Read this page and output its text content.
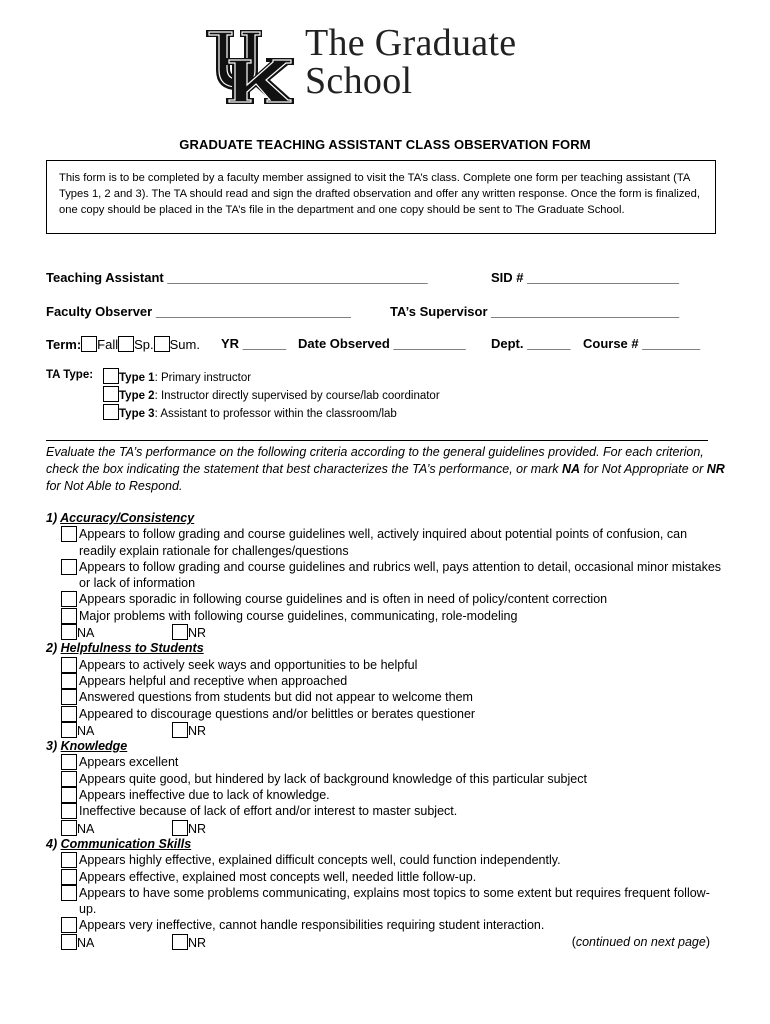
UK	The Graduate
School
GRADUATE TEACHING ASSISTANT CLASS OBSERVATION FORM
This form is to be completed by a faculty member assigned to visit the TA’s class. Complete one form per teaching assistant (TA Types 1, 2 and 3). The TA should read and sign the drafted observation and offer any written response. Once the form is finalized, one copy should be placed in the TA’s file in the department and one copy should be sent to The Graduate School.
Teaching Assistant ____________________________________	SID # _____________________
Faculty Observer ___________________________	TA’s Supervisor __________________________
Term: Fall Sp. Sum. YR ______ Date Observed __________ Dept. ______ Course # ________
TA Type:	Type 1: Primary instructor
Type 2: Instructor directly supervised by course/lab coordinator
Type 3: Assistant to professor within the classroom/lab
Evaluate the TA’s performance on the following criteria according to the general guidelines provided. For each criterion, check the box indicating the statement that best characterizes the TA’s performance, or mark NA for Not Appropriate or NR for Not Able to Respond.
1) Accuracy/Consistency
Appears to follow grading and course guidelines well, actively inquired about potential points of confusion, can readily explain rationale for challenges/questions
Appears to follow grading and course guidelines and rubrics well, pays attention to detail, occasional minor mistakes or lack of information
Appears sporadic in following course guidelines and is often in need of policy/content correction
Major problems with following course guidelines, communicating, role-modeling
NA	NR
2) Helpfulness to Students
Appears to actively seek ways and opportunities to be helpful
Appears helpful and receptive when approached
Answered questions from students but did not appear to welcome them
Appeared to discourage questions and/or belittles or berates questioner
NA	NR
3) Knowledge
Appears excellent
Appears quite good, but hindered by lack of background knowledge of this particular subject
Appears ineffective due to lack of knowledge.
Ineffective because of lack of effort and/or interest to master subject.
NA	NR
4) Communication Skills
Appears highly effective, explained difficult concepts well, could function independently.
Appears effective, explained most concepts well, needed little follow-up.
Appears to have some problems communicating, explains most topics to some extent but requires frequent follow-up.
Appears very ineffective, cannot handle responsibilities requiring student interaction.
NA	NR	(continued on next page)
